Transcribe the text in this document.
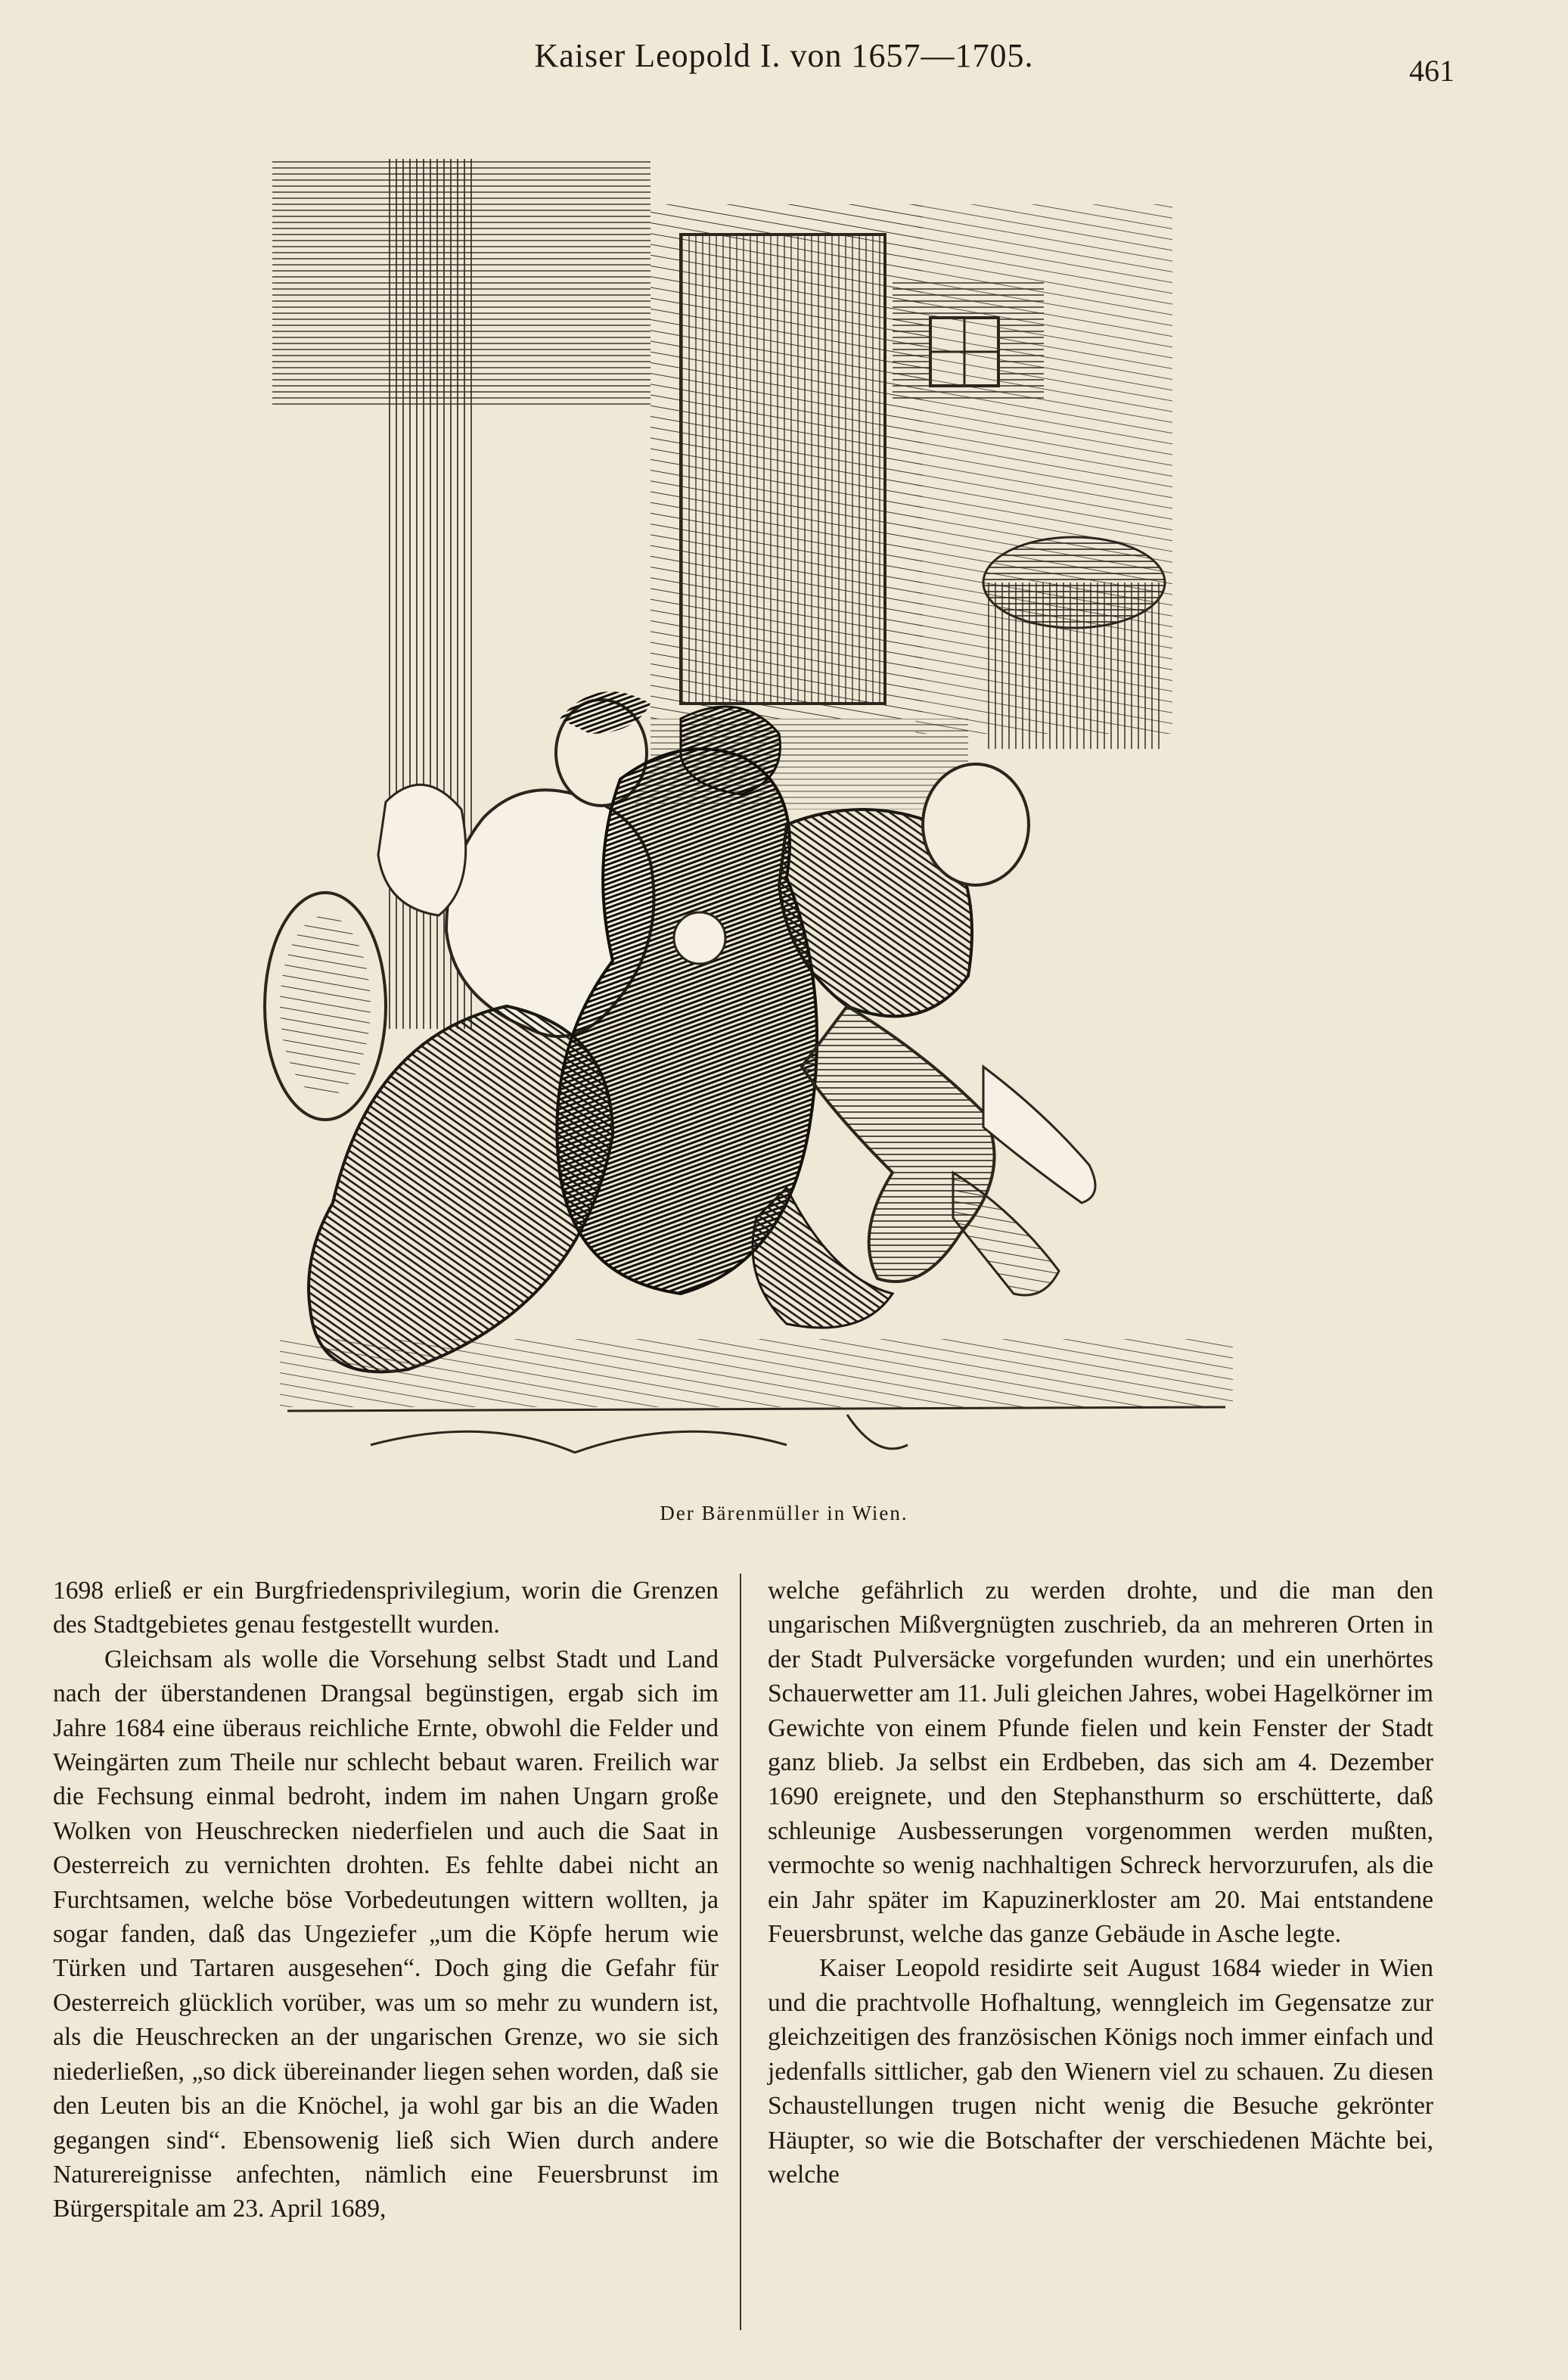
Kaiser Leopold I. von 1657—1705.	461
Der Bärenmüller in Wien.

1698 erließ er ein Burgfriedensprivilegium, worin die Grenzen des Stadtgebietes genau festgestellt wurden.

Gleichsam als wolle die Vorsehung selbst Stadt und Land nach der überstandenen Drangsal begünstigen, ergab sich im Jahre 1684 eine überaus reichliche Ernte, obwohl die Felder und Weingärten zum Theile nur schlecht bebaut waren. Freilich war die Fechsung einmal bedroht, indem im nahen Ungarn große Wolken von Heuschrecken niederfielen und auch die Saat in Oesterreich zu vernichten drohten. Es fehlte dabei nicht an Furchtsamen, welche böse Vorbedeutungen wittern wollten, ja sogar fanden, daß das Ungeziefer „um die Köpfe herum wie Türken und Tartaren ausgesehen“. Doch ging die Gefahr für Oesterreich glücklich vorüber, was um so mehr zu wundern ist, als die Heuschrecken an der ungarischen Grenze, wo sie sich niederließen, „so dick übereinander liegen sehen worden, daß sie den Leuten bis an die Knöchel, ja wohl gar bis an die Waden gegangen sind“. Ebensowenig ließ sich Wien durch andere Naturereignisse anfechten, nämlich eine Feuersbrunst im Bürgerspitale am 23. April 1689,

welche gefährlich zu werden drohte, und die man den ungarischen Mißvergnügten zuschrieb, da an mehreren Orten in der Stadt Pulversäcke vorgefunden wurden; und ein unerhörtes Schauerwetter am 11. Juli gleichen Jahres, wobei Hagelkörner im Gewichte von einem Pfunde fielen und kein Fenster der Stadt ganz blieb. Ja selbst ein Erdbeben, das sich am 4. Dezember 1690 ereignete, und den Stephansthurm so erschütterte, daß schleunige Ausbesserungen vorgenommen werden mußten, vermochte so wenig nachhaltigen Schreck hervorzurufen, als die ein Jahr später im Kapuzinerkloster am 20. Mai entstandene Feuersbrunst, welche das ganze Gebäude in Asche legte.

Kaiser Leopold residirte seit August 1684 wieder in Wien und die prachtvolle Hofhaltung, wenngleich im Gegensatze zur gleichzeitigen des französischen Königs noch immer einfach und jedenfalls sittlicher, gab den Wienern viel zu schauen. Zu diesen Schaustellungen trugen nicht wenig die Besuche gekrönter Häupter, so wie die Botschafter der verschiedenen Mächte bei, welche
